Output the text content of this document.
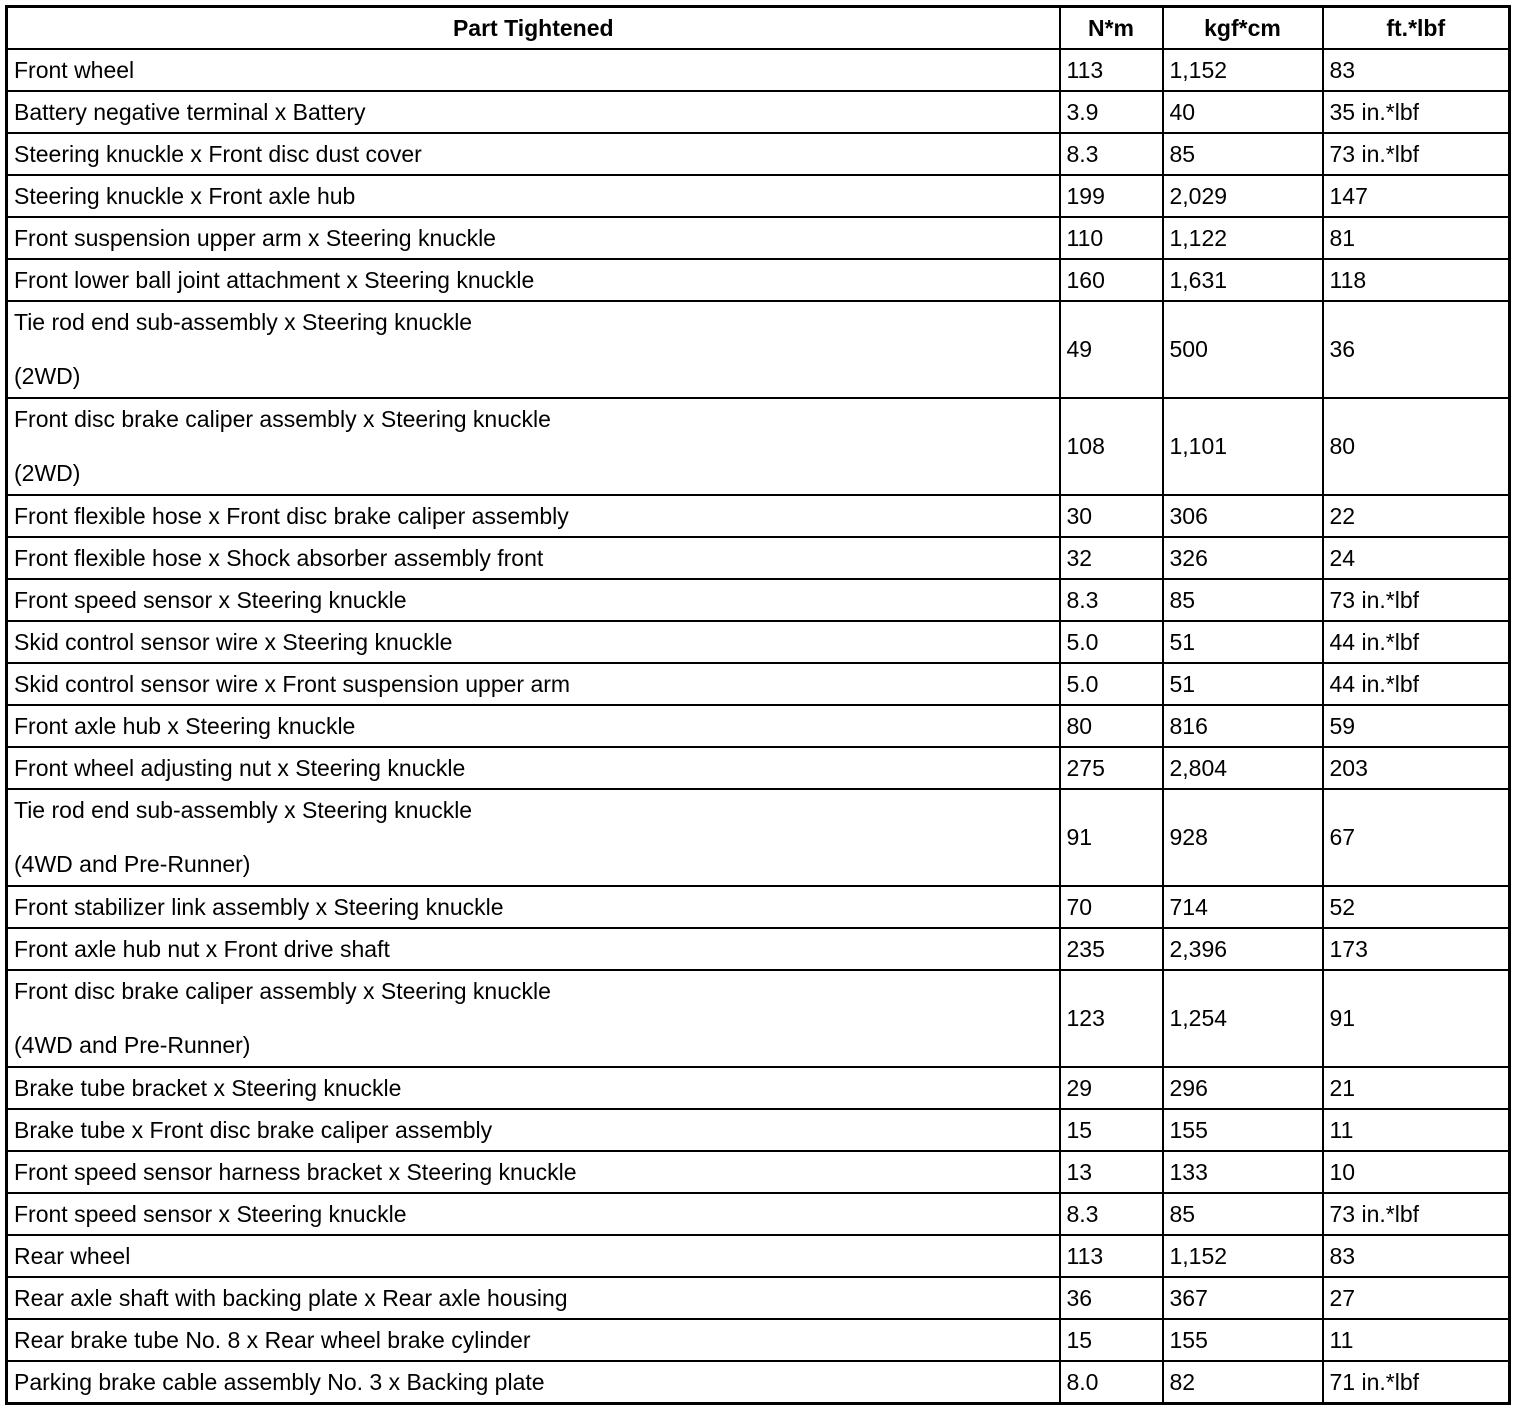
Part Tightened	N*m	kgf*cm	ft.*lbf
Front wheel	113	1,152	83
Battery negative terminal x Battery	3.9	40	35 in.*lbf
Steering knuckle x Front disc dust cover	8.3	85	73 in.*lbf
Steering knuckle x Front axle hub	199	2,029	147
Front suspension upper arm x Steering knuckle	110	1,122	81
Front lower ball joint attachment x Steering knuckle	160	1,631	118
Tie rod end sub-assembly x Steering knuckle
(2WD)	49	500	36
Front disc brake caliper assembly x Steering knuckle
(2WD)	108	1,101	80
Front flexible hose x Front disc brake caliper assembly	30	306	22
Front flexible hose x Shock absorber assembly front	32	326	24
Front speed sensor x Steering knuckle	8.3	85	73 in.*lbf
Skid control sensor wire x Steering knuckle	5.0	51	44 in.*lbf
Skid control sensor wire x Front suspension upper arm	5.0	51	44 in.*lbf
Front axle hub x Steering knuckle	80	816	59
Front wheel adjusting nut x Steering knuckle	275	2,804	203
Tie rod end sub-assembly x Steering knuckle
(4WD and Pre-Runner)	91	928	67
Front stabilizer link assembly x Steering knuckle	70	714	52
Front axle hub nut x Front drive shaft	235	2,396	173
Front disc brake caliper assembly x Steering knuckle
(4WD and Pre-Runner)	123	1,254	91
Brake tube bracket x Steering knuckle	29	296	21
Brake tube x Front disc brake caliper assembly	15	155	11
Front speed sensor harness bracket x Steering knuckle	13	133	10
Front speed sensor x Steering knuckle	8.3	85	73 in.*lbf
Rear wheel	113	1,152	83
Rear axle shaft with backing plate x Rear axle housing	36	367	27
Rear brake tube No. 8 x Rear wheel brake cylinder	15	155	11
Parking brake cable assembly No. 3 x Backing plate	8.0	82	71 in.*lbf
